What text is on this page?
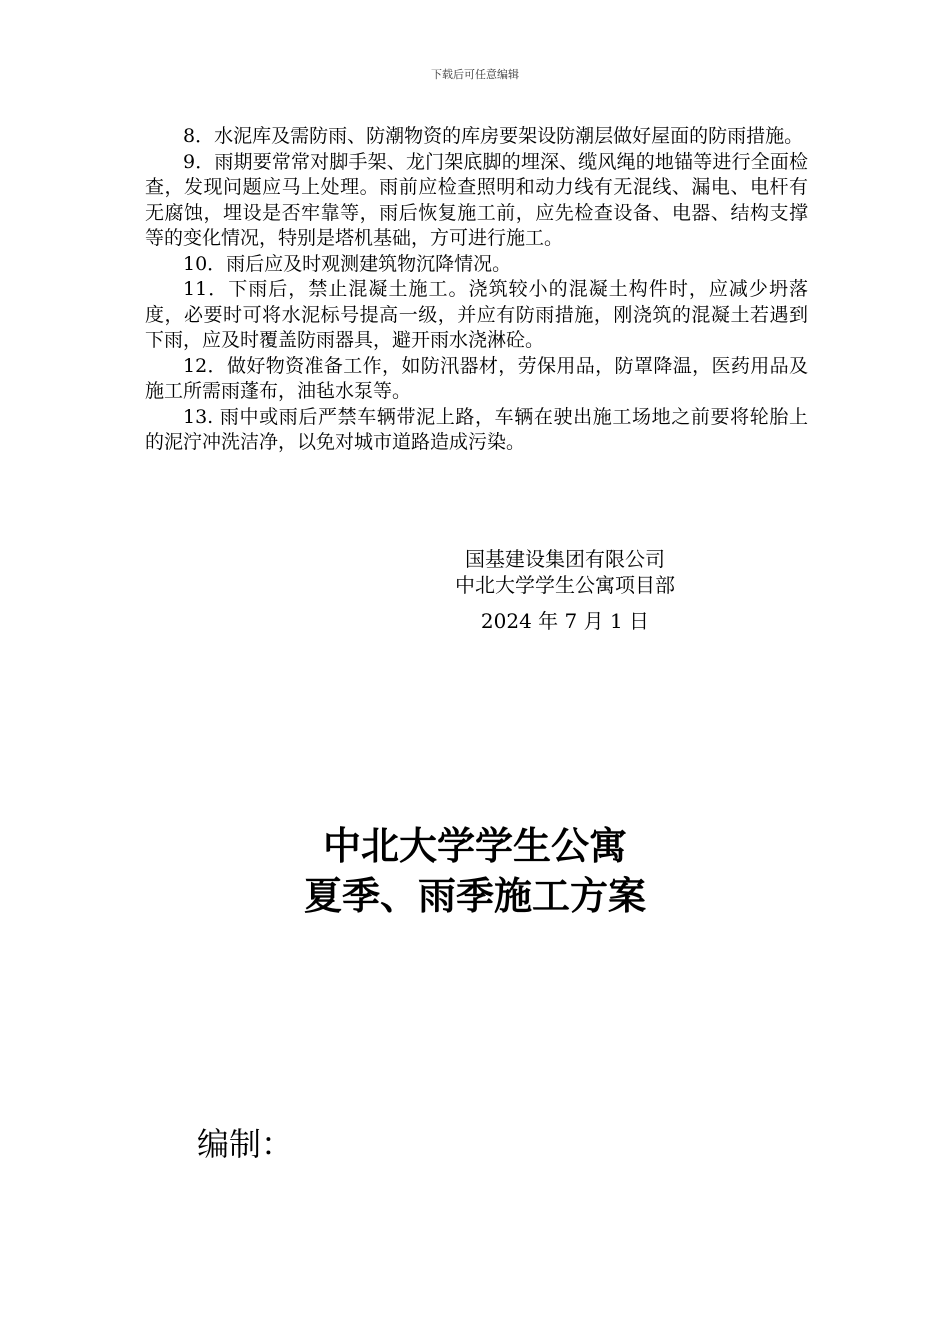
下载后可任意编辑

8．水泥库及需防雨、防潮物资的库房要架设防潮层做好屋面的防雨措施。

9．雨期要常常对脚手架、龙门架底脚的埋深、缆风绳的地锚等进行全面检查，发现问题应马上处理。雨前应检查照明和动力线有无混线、漏电、电杆有无腐蚀，埋设是否牢靠等，雨后恢复施工前，应先检查设备、电器、结构支撑等的变化情况，特别是塔机基础，方可进行施工。

10．雨后应及时观测建筑物沉降情况。

11．下雨后，禁止混凝土施工。浇筑较小的混凝土构件时，应减少坍落度，必要时可将水泥标号提高一级，并应有防雨措施，刚浇筑的混凝土若遇到下雨，应及时覆盖防雨器具，避开雨水浇淋砼。

12．做好物资准备工作，如防汛器材，劳保用品，防罩降温，医药用品及施工所需雨蓬布，油毡水泵等。

13. 雨中或雨后严禁车辆带泥上路，车辆在驶出施工场地之前要将轮胎上的泥泞冲洗洁净，以免对城市道路造成污染。

国基建设集团有限公司
中北大学学生公寓项目部
2024 年 7 月 1 日
中北大学学生公寓
夏季、雨季施工方案
编制：
